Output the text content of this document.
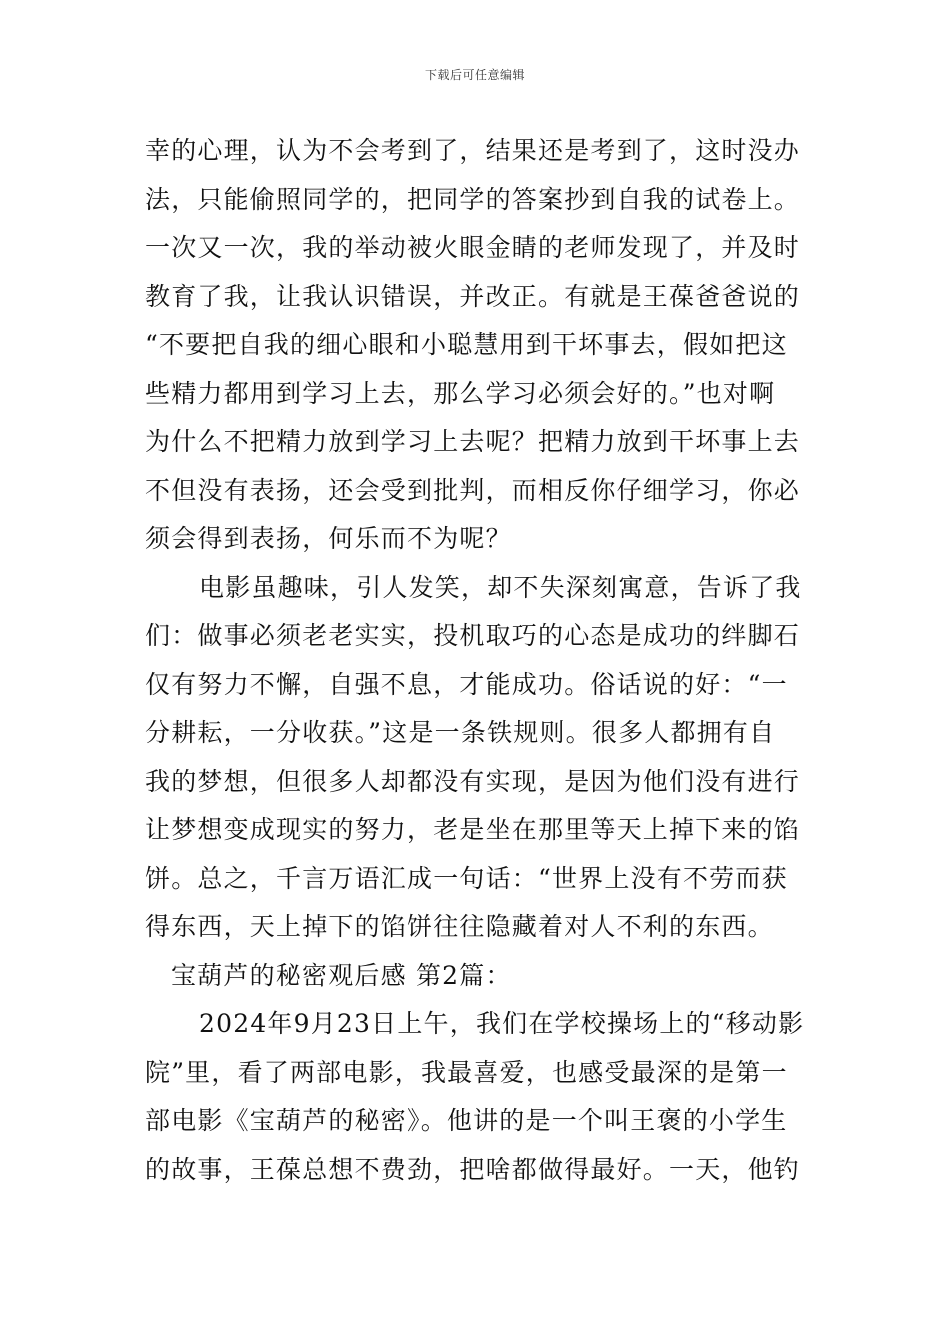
下载后可任意编辑
幸的心理，认为不会考到了，结果还是考到了，这时没办
法，只能偷照同学的，把同学的答案抄到自我的试卷上。
一次又一次，我的举动被火眼金睛的老师发现了，并及时
教育了我，让我认识错误，并改正。有就是王葆爸爸说的
“不要把自我的细心眼和小聪慧用到干坏事去，假如把这
些精力都用到学习上去，那么学习必须会好的。”也对啊
为什么不把精力放到学习上去呢？把精力放到干坏事上去
不但没有表扬，还会受到批判，而相反你仔细学习，你必
须会得到表扬，何乐而不为呢？
电影虽趣味，引人发笑，却不失深刻寓意，告诉了我
们：做事必须老老实实，投机取巧的心态是成功的绊脚石
仅有努力不懈，自强不息，才能成功。俗话说的好：“一
分耕耘，一分收获。”这是一条铁规则。很多人都拥有自
我的梦想，但很多人却都没有实现，是因为他们没有进行
让梦想变成现实的努力，老是坐在那里等天上掉下来的馅
饼。总之，千言万语汇成一句话：“世界上没有不劳而获
得东西，天上掉下的馅饼往往隐藏着对人不利的东西。
宝葫芦的秘密观后感 第2篇：
2024年9月23日上午，我们在学校操场上的“移动影
院”里，看了两部电影，我最喜爱，也感受最深的是第一
部电影《宝葫芦的秘密》。他讲的是一个叫王褒的小学生
的故事，王葆总想不费劲，把啥都做得最好。一天，他钓
